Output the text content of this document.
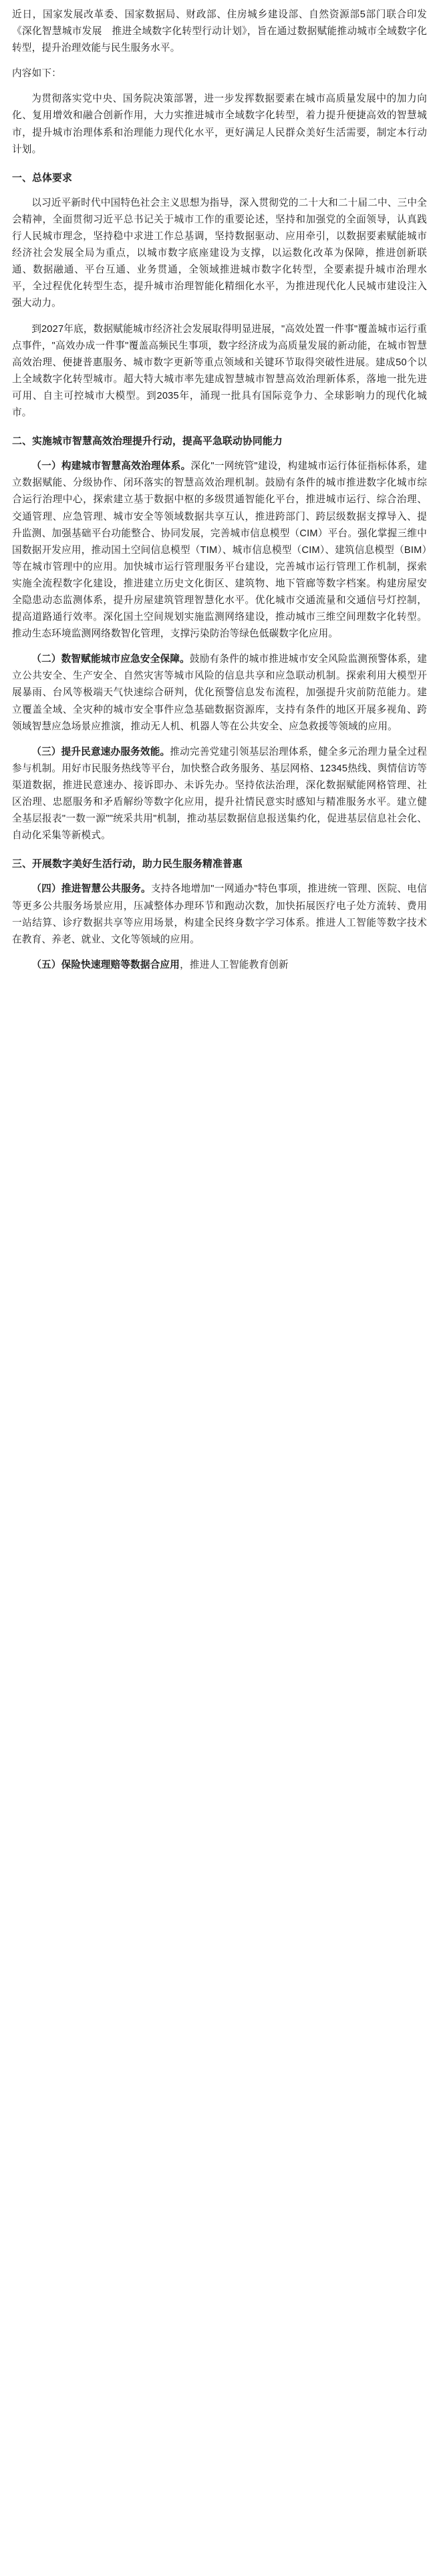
近日，国家发展改革委、国家数据局、财政部、住房城乡建设部、自然资源部5部门联合印发《深化智慧城市发展　推进全域数字化转型行动计划》，旨在通过数据赋能推动城市全域数字化转型，提升治理效能与民生服务水平。

内容如下：

为贯彻落实党中央、国务院决策部署，进一步发挥数据要素在城市高质量发展中的加力向化、复用增效和融合创新作用，大力实推进城市全域数字化转型，着力提升便捷高效的智慧城市，提升城市治理体系和治理能力现代化水平，更好满足人民群众美好生活需要，制定本行动计划。

一、总体要求

以习近平新时代中国特色社会主义思想为指导，深入贯彻党的二十大和二十届二中、三中全会精神，全面贯彻习近平总书记关于城市工作的重要论述，坚持和加强党的全面领导，认真践行人民城市理念，坚持稳中求进工作总基调，坚持数据驱动、应用牵引，以数据要素赋能城市经济社会发展全局为重点，以城市数字底座建设为支撑，以运数化改革为保障，推进创新联通、数据融通、平台互通、业务贯通，全领域推进城市数字化转型，全要素提升城市治理水平，全过程优化转型生态，提升城市治理智能化精细化水平，为推进现代化人民城市建设注入强大动力。

到2027年底，数据赋能城市经济社会发展取得明显进展，"高效处置一件事"覆盖城市运行重点事件，"高效办成一件事"覆盖高频民生事项，数字经济成为高质量发展的新动能，在城市智慧高效治理、便捷普惠服务、城市数字更新等重点领域和关键环节取得突破性进展。建成50个以上全域数字化转型城市。超大特大城市率先建成智慧城市智慧高效治理新体系，落地一批先进可用、自主可控城市大模型。到2035年，涌现一批具有国际竞争力、全球影响力的现代化城市。

二、实施城市智慧高效治理提升行动，提高平急联动协同能力

（一）构建城市智慧高效治理体系。深化"一网统管"建设，构建城市运行体征指标体系，建立数据赋能、分级协作、闭环落实的智慧高效治理机制。鼓励有条件的城市推进数字化城市综合运行治理中心，探索建立基于数据中枢的多级贯通智能化平台，推进城市运行、综合治理、交通管理、应急管理、城市安全等领域数据共享互认，推进跨部门、跨层级数据支撑导入、提升监测、加强基础平台功能整合、协同发展，完善城市信息模型（CIM）平台。强化掌握三维中国数据开发应用，推动国土空间信息模型（TIM）、城市信息模型（CIM）、建筑信息模型（BIM）等在城市管理中的应用。加快城市运行管理服务平台建设，完善城市运行管理工作机制，探索实施全流程数字化建设，推进建立历史文化街区、建筑物、地下管廊等数字档案。构建房屋安全隐患动态监测体系，提升房屋建筑管理智慧化水平。优化城市交通流量和交通信号灯控制，提高道路通行效率。深化国土空间规划实施监测网络建设，推动城市三维空间理数字化转型。推动生态环境监测网络数智化管理，支撑污染防治等绿色低碳数字化应用。

（二）数智赋能城市应急安全保障。鼓励有条件的城市推进城市安全风险监测预警体系，建立公共安全、生产安全、自然灾害等城市风险的信息共享和应急联动机制。探索利用大模型开展暴雨、台风等极端天气快速综合研判，优化预警信息发布流程，加强提升灾前防范能力。建立覆盖全域、全灾种的城市安全事件应急基础数据资源库，支持有条件的地区开展多视角、跨领域智慧应急场景应推演，推动无人机、机器人等在公共安全、应急救援等领域的应用。

（三）提升民意速办服务效能。推动完善党建引领基层治理体系，健全多元治理力量全过程参与机制。用好市民服务热线等平台，加快整合政务服务、基层网格、12345热线、舆情信访等渠道数据，推进民意速办、接诉即办、未诉先办。坚持依法治理，深化数据赋能网格管理、社区治理、忠愿服务和矛盾解纷等数字化应用，提升社情民意实时感知与精准服务水平。建立健全基层报表"一数一源""统采共用"机制，推动基层数据信息报送集约化，促进基层信息社会化、自动化采集等新模式。

三、开展数字美好生活行动，助力民生服务精准普惠

（四）推进智慧公共服务。支持各地增加"一网通办"特色事项，推进统一管理、医院、电信等更多公共服务场景应用，压减整体办理环节和跑动次数，加快拓展医疗电子处方流转、费用一站结算、诊疗数据共享等应用场景，构建全民终身数字学习体系。推进人工智能等数字技术在教育、养老、就业、文化等领域的应用。

（五）保险快速理赔等数据合应用，推进人工智能教育创新
